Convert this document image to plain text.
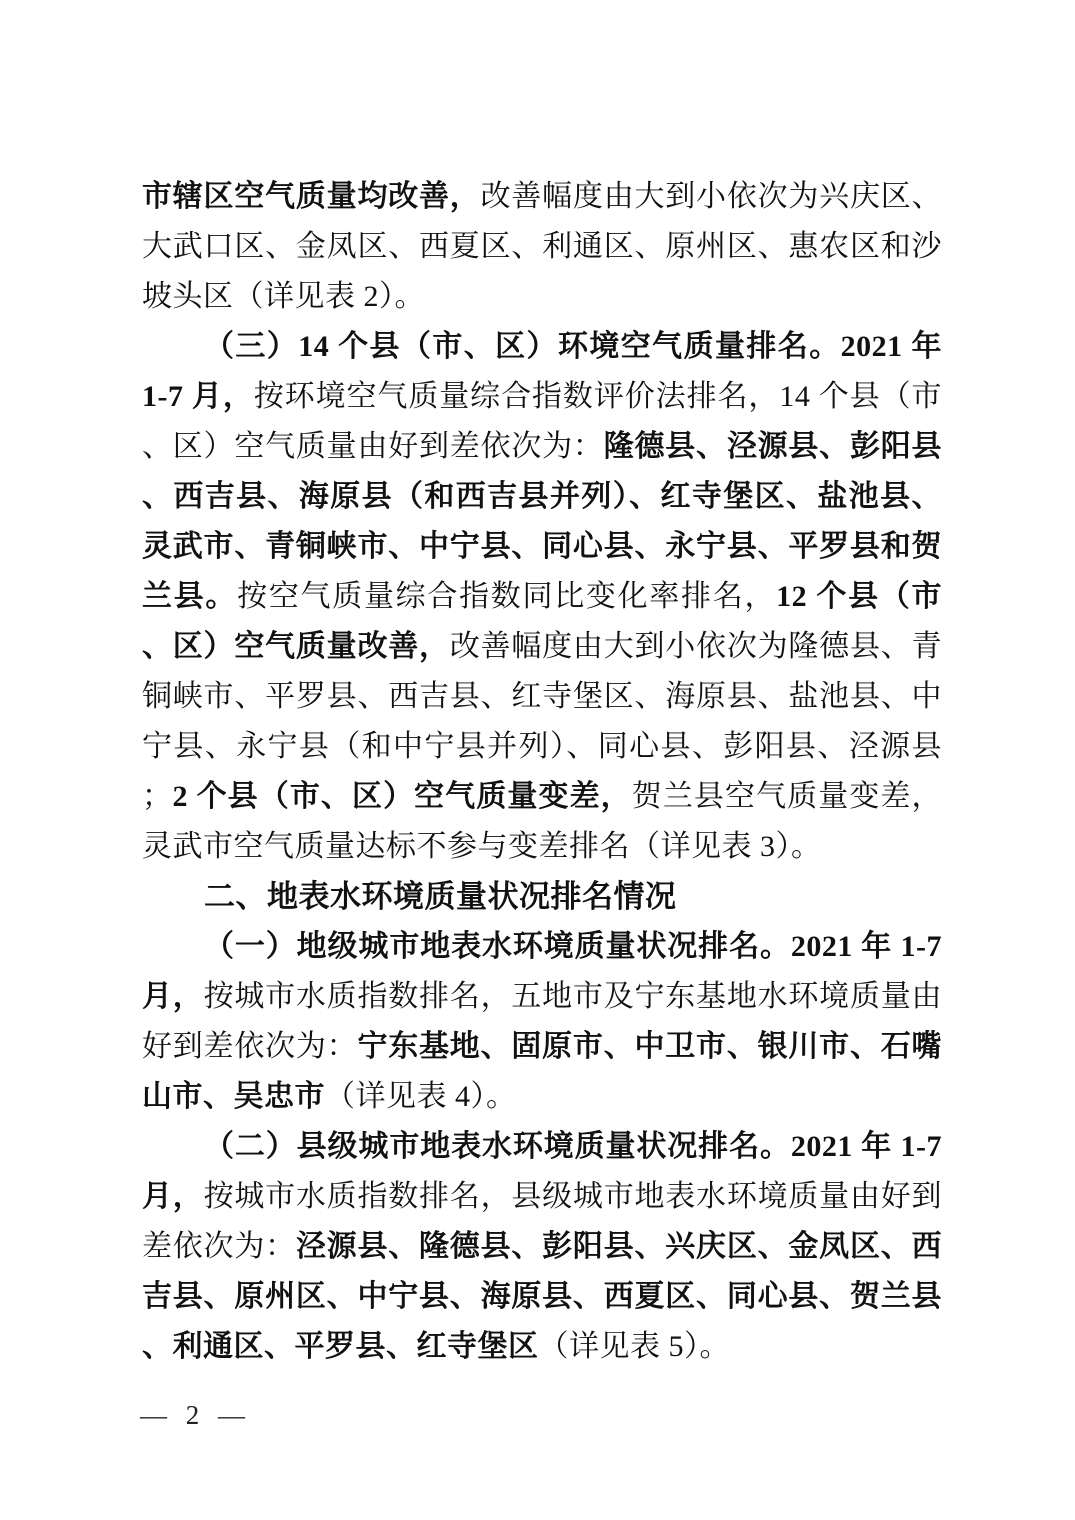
市辖区空气质量均改善，改善幅度由大到小依次为兴庆区、大武口区、金凤区、西夏区、利通区、原州区、惠农区和沙坡头区（详见表 2）。

（三）14 个县（市、区）环境空气质量排名。2021 年 1-7 月，按环境空气质量综合指数评价法排名，14 个县（市、区）空气质量由好到差依次为：隆德县、泾源县、彭阳县、西吉县、海原县（和西吉县并列）、红寺堡区、盐池县、灵武市、青铜峡市、中宁县、同心县、永宁县、平罗县和贺兰县。按空气质量综合指数同比变化率排名，12 个县（市、区）空气质量改善，改善幅度由大到小依次为隆德县、青铜峡市、平罗县、西吉县、红寺堡区、海原县、盐池县、中宁县、永宁县（和中宁县并列）、同心县、彭阳县、泾源县；2 个县（市、区）空气质量变差，贺兰县空气质量变差，灵武市空气质量达标不参与变差排名（详见表 3）。

二、地表水环境质量状况排名情况

（一）地级城市地表水环境质量状况排名。2021 年 1-7 月，按城市水质指数排名，五地市及宁东基地水环境质量由好到差依次为：宁东基地、固原市、中卫市、银川市、石嘴山市、吴忠市（详见表 4）。

（二）县级城市地表水环境质量状况排名。2021 年 1-7 月，按城市水质指数排名，县级城市地表水环境质量由好到差依次为：泾源县、隆德县、彭阳县、兴庆区、金凤区、西吉县、原州区、中宁县、海原县、西夏区、同心县、贺兰县、利通区、平罗县、红寺堡区（详见表 5）。

— 2 —
